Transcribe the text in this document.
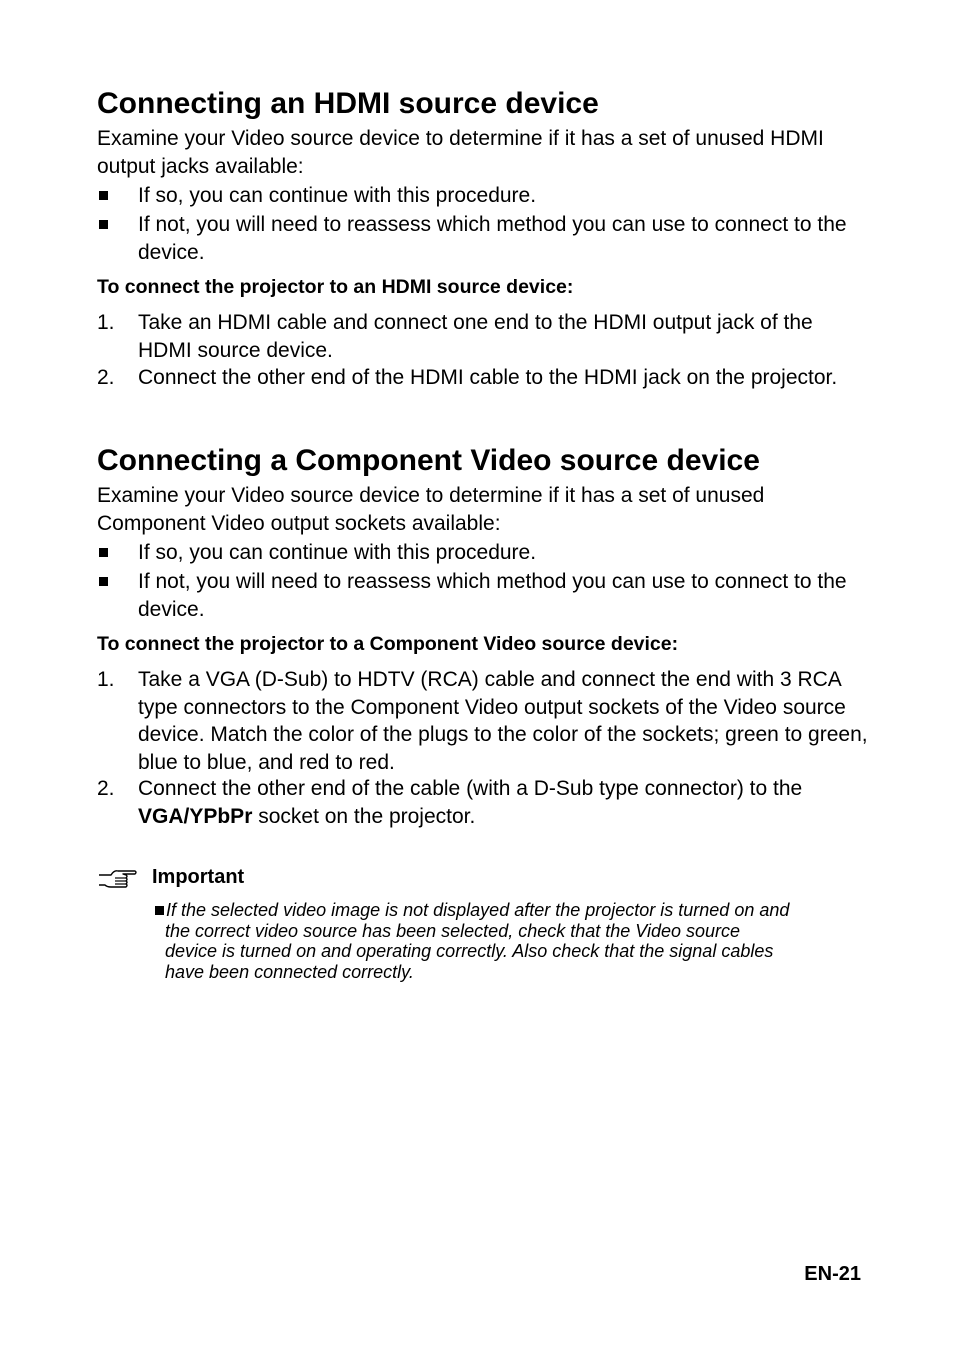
Connecting an HDMI source device

Examine your Video source device to determine if it has a set of unused HDMI output jacks available:

If so, you can continue with this procedure.
If not, you will need to reassess which method you can use to connect to the device.
To connect the projector to an HDMI source device:
1. Take an HDMI cable and connect one end to the HDMI output jack of the HDMI source device.
2. Connect the other end of the HDMI cable to the HDMI jack on the projector.
Connecting a Component Video source device

Examine your Video source device to determine if it has a set of unused Component Video output sockets available:

If so, you can continue with this procedure.
If not, you will need to reassess which method you can use to connect to the device.
To connect the projector to a Component Video source device:
1. Take a VGA (D-Sub) to HDTV (RCA) cable and connect the end with 3 RCA type connectors to the Component Video output sockets of the Video source device. Match the color of the plugs to the color of the sockets; green to green, blue to blue, and red to red.
2. Connect the other end of the cable (with a D-Sub type connector) to the VGA/YPbPr socket on the projector.
Important
If the selected video image is not displayed after the projector is turned on and
the correct video source has been selected, check that the Video source
device is turned on and operating correctly. Also check that the signal cables
have been connected correctly.
EN-21
